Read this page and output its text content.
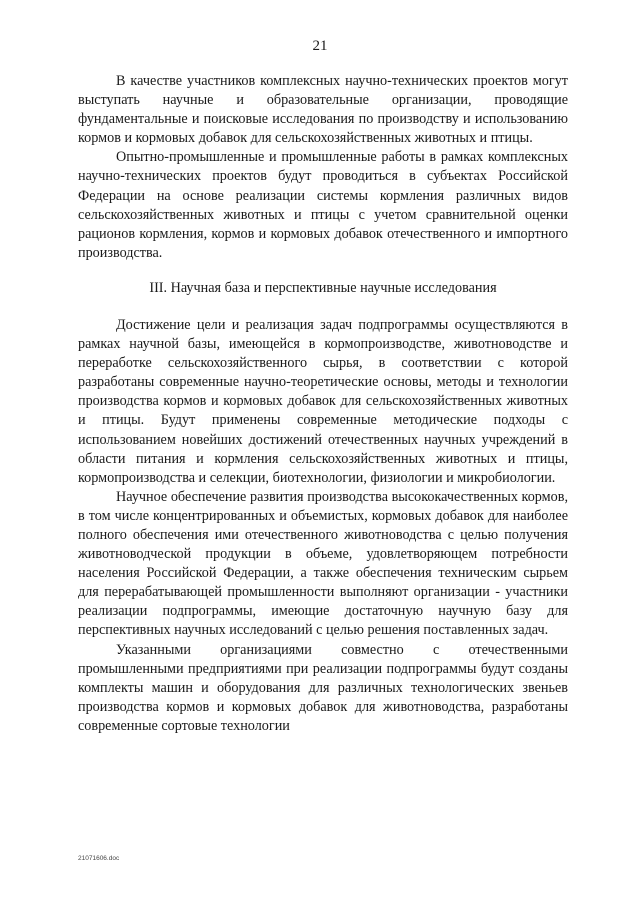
21

В качестве участников комплексных научно-технических проектов могут выступать научные и образовательные организации, проводящие фундаментальные и поисковые исследования по производству и использованию кормов и кормовых добавок для сельскохозяйственных животных и птицы.

Опытно-промышленные и промышленные работы в рамках комплексных научно-технических проектов будут проводиться в субъектах Российской Федерации на основе реализации системы кормления различных видов сельскохозяйственных животных и птицы с учетом сравнительной оценки рационов кормления, кормов и кормовых добавок отечественного и импортного производства.

III. Научная база и перспективные научные исследования

Достижение цели и реализация задач подпрограммы осуществляются в рамках научной базы, имеющейся в кормопроизводстве, животноводстве и переработке сельскохозяйственного сырья, в соответствии с которой разработаны современные научно-теоретические основы, методы и технологии производства кормов и кормовых добавок для сельскохозяйственных животных и птицы. Будут применены современные методические подходы с использованием новейших достижений отечественных научных учреждений в области питания и кормления сельскохозяйственных животных и птицы, кормопроизводства и селекции, биотехнологии, физиологии и микробиологии.

Научное обеспечение развития производства высококачественных кормов, в том числе концентрированных и объемистых, кормовых добавок для наиболее полного обеспечения ими отечественного животноводства с целью получения животноводческой продукции в объеме, удовлетворяющем потребности населения Российской Федерации, а также обеспечения техническим сырьем для перерабатывающей промышленности выполняют организации - участники реализации подпрограммы, имеющие достаточную научную базу для перспективных научных исследований с целью решения поставленных задач.

Указанными организациями совместно с отечественными промышленными предприятиями при реализации подпрограммы будут созданы комплекты машин и оборудования для различных технологических звеньев производства кормов и кормовых добавок для животноводства, разработаны современные сортовые технологии

21071606.doc
